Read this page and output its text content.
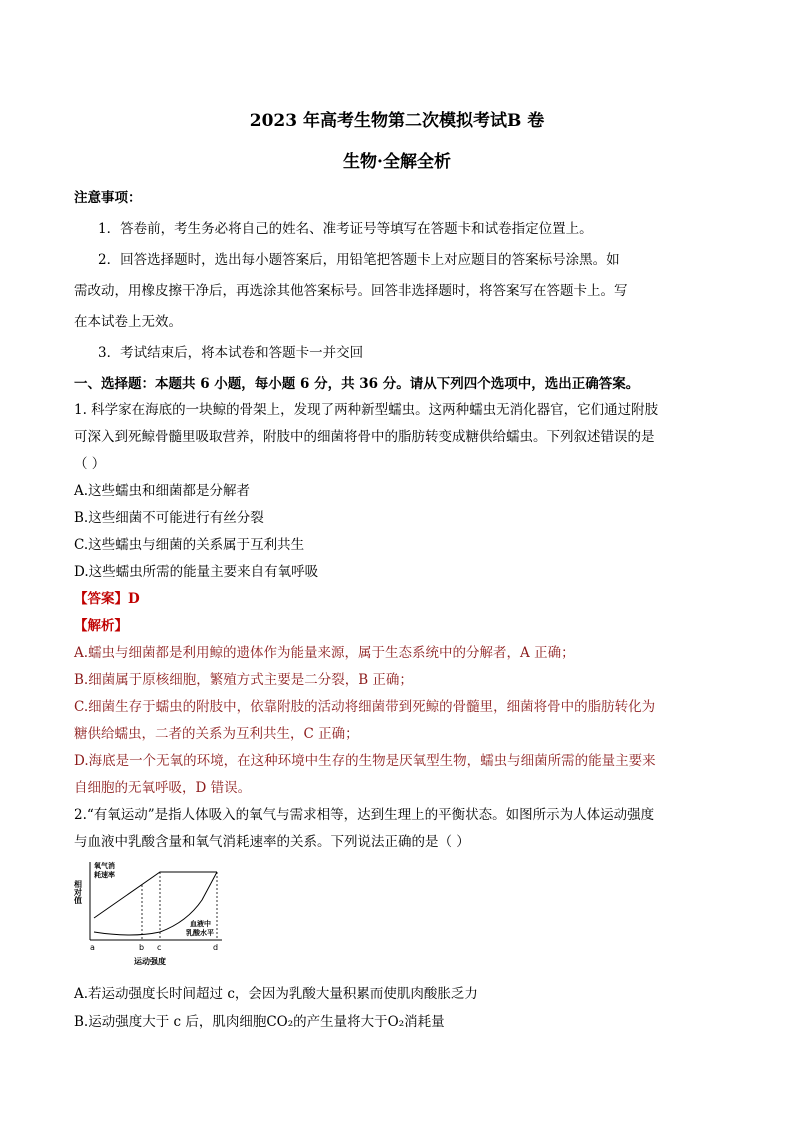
2023 年高考生物第二次模拟考试B 卷
生物·全解全析
注意事项：
1．答卷前，考生务必将自己的姓名、准考证号等填写在答题卡和试卷指定位置上。
2．回答选择题时，选出每小题答案后，用铅笔把答题卡上对应题目的答案标号涂黑。如
需改动，用橡皮擦干净后，再选涂其他答案标号。回答非选择题时，将答案写在答题卡上。写
在本试卷上无效。
3．考试结束后，将本试卷和答题卡一并交回
一、选择题：本题共 6 小题，每小题 6 分，共 36 分。请从下列四个选项中，选出正确答案。
1. 科学家在海底的一块鲸的骨架上，发现了两种新型蠕虫。这两种蠕虫无消化器官，它们通过附肢
可深入到死鲸骨髓里吸取营养，附肢中的细菌将骨中的脂肪转变成糖供给蠕虫。下列叙述错误的是
（ ）
A.这些蠕虫和细菌都是分解者
B.这些细菌不可能进行有丝分裂
C.这些蠕虫与细菌的关系属于互利共生
D.这些蠕虫所需的能量主要来自有氧呼吸
【答案】D
【解析】
A.蠕虫与细菌都是利用鲸的遗体作为能量来源，属于生态系统中的分解者，A 正确；
B.细菌属于原核细胞，繁殖方式主要是二分裂，B 正确；
C.细菌生存于蠕虫的附肢中，依靠附肢的活动将细菌带到死鲸的骨髓里，细菌将骨中的脂肪转化为
糖供给蠕虫，二者的关系为互利共生，C 正确；
D.海底是一个无氧的环境，在这种环境中生存的生物是厌氧型生物，蠕虫与细菌所需的能量主要来
自细胞的无氧呼吸，D 错误。
2.“有氧运动”是指人体吸入的氧气与需求相等，达到生理上的平衡状态。如图所示为人体运动强度
与血液中乳酸含量和氧气消耗速率的关系。下列说法正确的是（ ）
相对值
氧气消
耗速率
血液中
乳酸水平
a	b c	d
运动强度
A.若运动强度长时间超过 c，会因为乳酸大量积累而使肌肉酸胀乏力
B.运动强度大于 c 后，肌肉细胞CO₂的产生量将大于O₂消耗量
